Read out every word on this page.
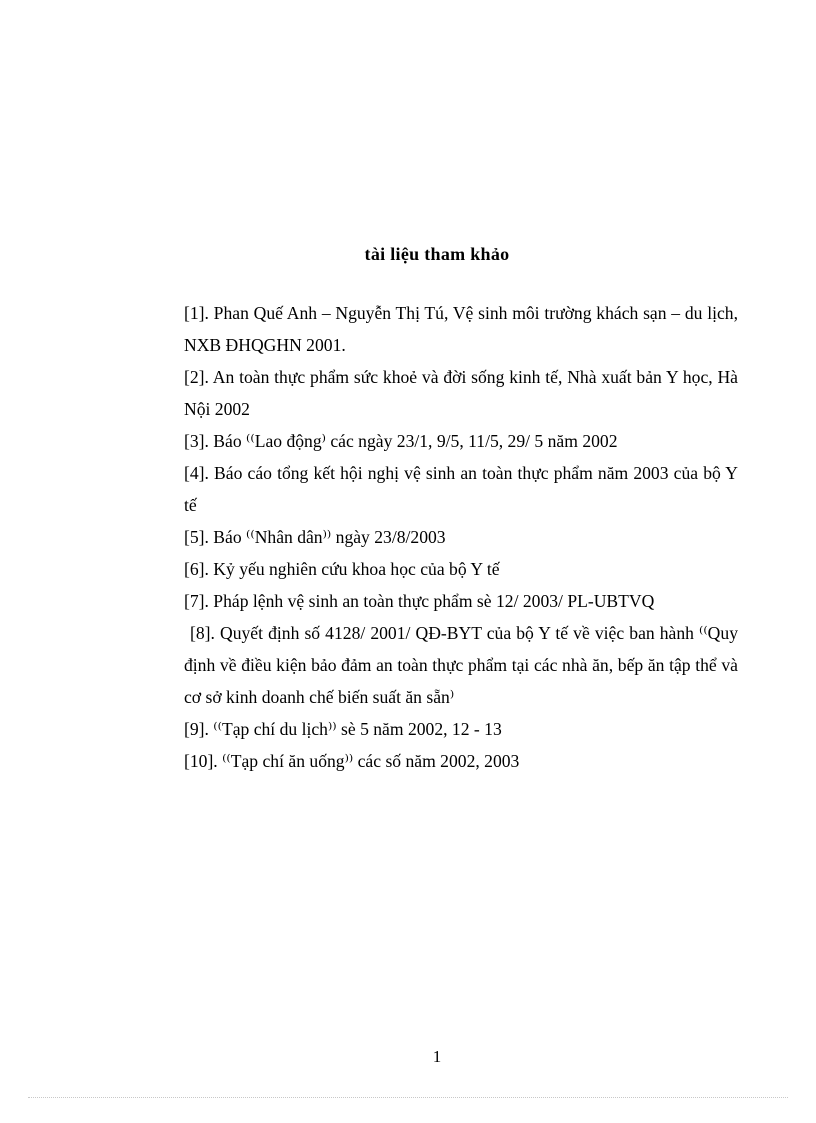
tài liệu tham khảo
[1]. Phan Quế Anh – Nguyễn Thị Tú, Vệ sinh môi trường khách sạn – du lịch, NXB ĐHQGHN 2001.
[2]. An toàn thực phẩm sức khoẻ và đời sống kinh tế, Nhà xuất bản Y học, Hà Nội 2002
[3]. Báo ⁽⁽Lao động⁾ các ngày 23/1, 9/5, 11/5, 29/ 5 năm 2002
[4]. Báo cáo tổng kết hội nghị vệ sinh an toàn thực phẩm năm 2003 của bộ Y tế
[5]. Báo ⁽⁽Nhân dân⁾⁾ ngày 23/8/2003
[6]. Kỷ yếu nghiên cứu khoa học của bộ Y tế
[7]. Pháp lệnh vệ sinh an toàn thực phẩm sè 12/ 2003/ PL-UBTVQ
[8]. Quyết định số 4128/ 2001/ QĐ-BYT của bộ Y tế về việc ban hành ⁽⁽Quy định về điều kiện bảo đảm an toàn thực phẩm tại các nhà ăn, bếp ăn tập thể và cơ sở kinh doanh chế biến suất ăn sẵn⁾
[9]. ⁽⁽Tạp chí du lịch⁾⁾ sè 5 năm 2002, 12 - 13
[10]. ⁽⁽Tạp chí ăn uống⁾⁾ các số năm 2002, 2003
1
